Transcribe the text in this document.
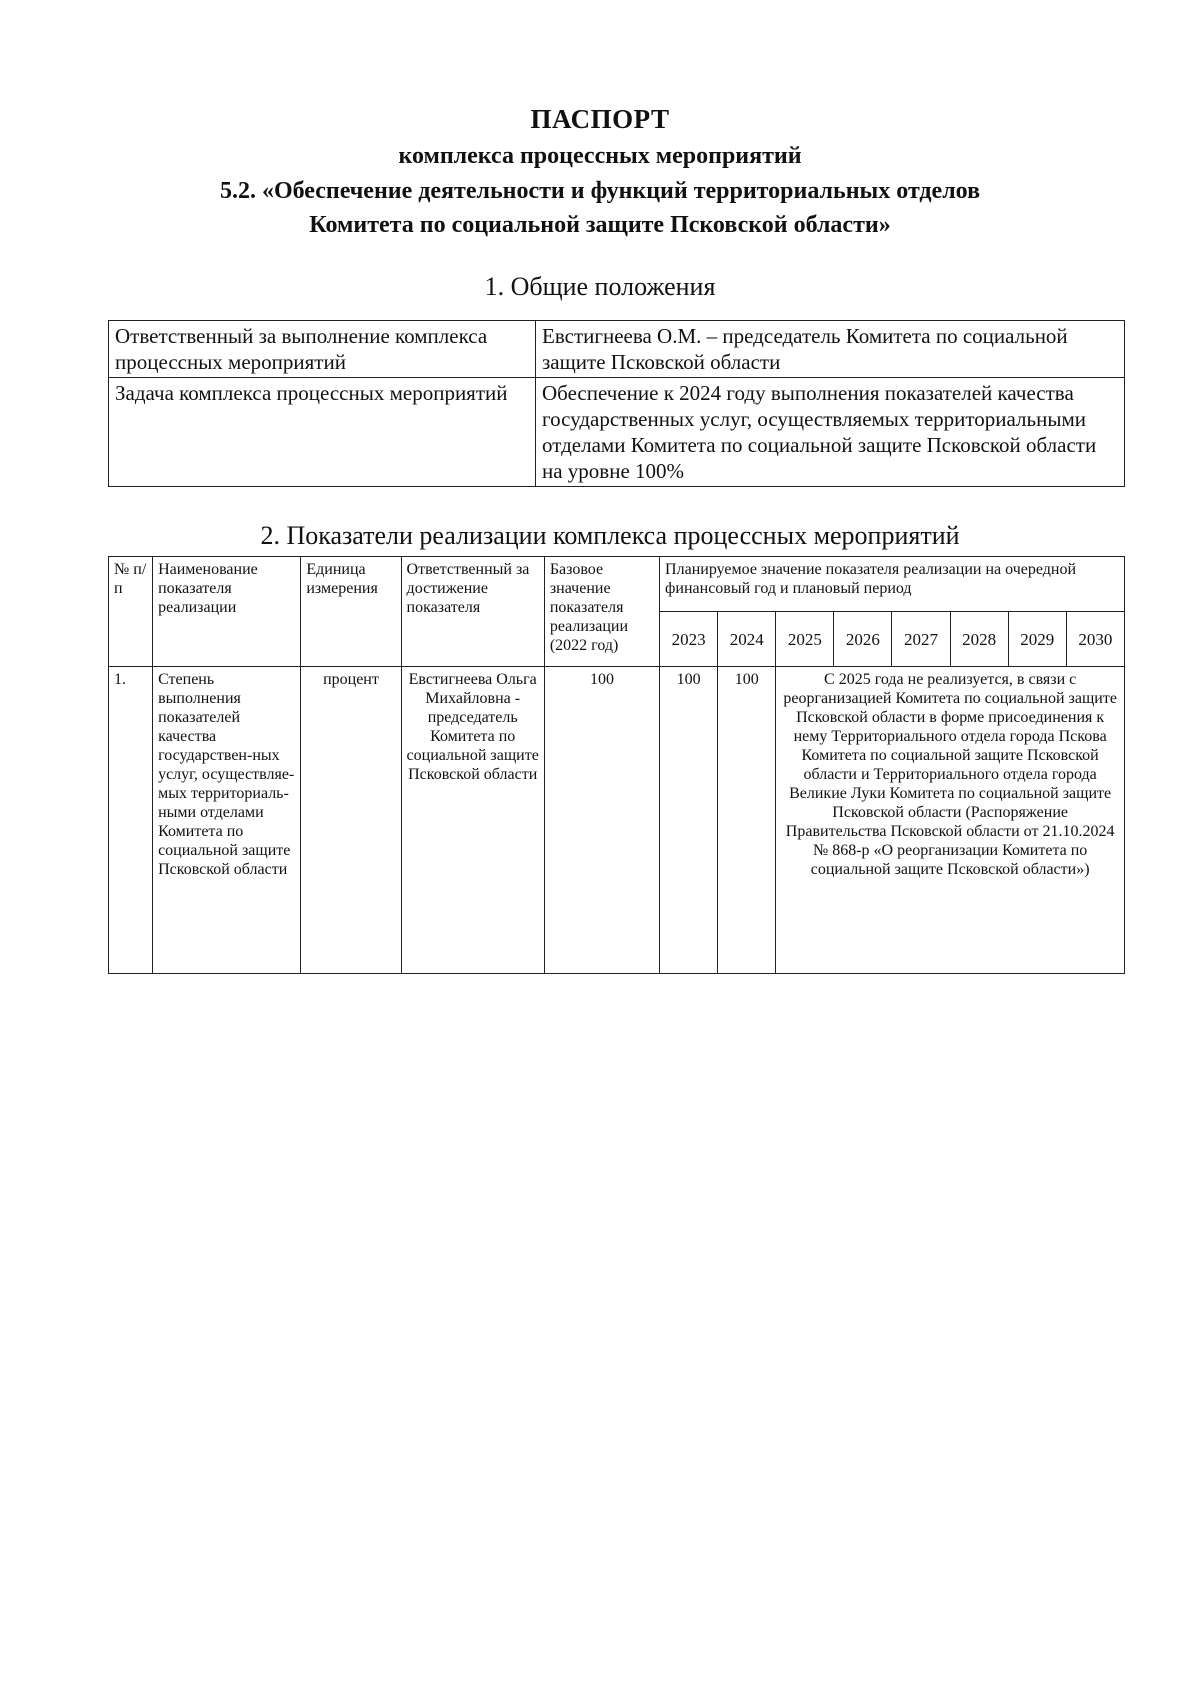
ПАСПОРТ
комплекса процессных мероприятий
5.2. «Обеспечение деятельности и функций территориальных отделов
Комитета по социальной защите Псковской области»
1. Общие положения
Ответственный за выполнение комплекса процессных мероприятий	Евстигнеева О.М. – председатель Комитета по социальной защите Псковской области
Задача комплекса процессных мероприятий	Обеспечение к 2024 году выполнения показателей качества государственных услуг, осуществляемых территориальными отделами Комитета по социальной защите Псковской области на уровне 100%
2. Показатели реализации комплекса процессных мероприятий
№ п/п	Наименование показателя реализации	Единица измерения	Ответственный за достижение показателя	Базовое значение показателя реализации (2022 год)	Планируемое значение показателя реализации на очередной финансовый год и плановый период							
					2023	2024	2025	2026	2027	2028	2029	2030
1.	Степень выполнения показателей качества государствен-ных услуг, осуществляе-мых территориаль-ными отделами Комитета по социальной защите Псковской области	процент	Евстигнеева Ольга Михайловна - председатель Комитета по социальной защите Псковской области	100	100	100	С 2025 года не реализуется, в связи с реорганизацией Комитета по социальной защите Псковской области в форме присоединения к нему Территориального отдела города Пскова Комитета по социальной защите Псковской области и Территориального отдела города Великие Луки Комитета по социальной защите Псковской области (Распоряжение Правительства Псковской области от 21.10.2024 № 868-р «О реорганизации Комитета по социальной защите Псковской области»)					
